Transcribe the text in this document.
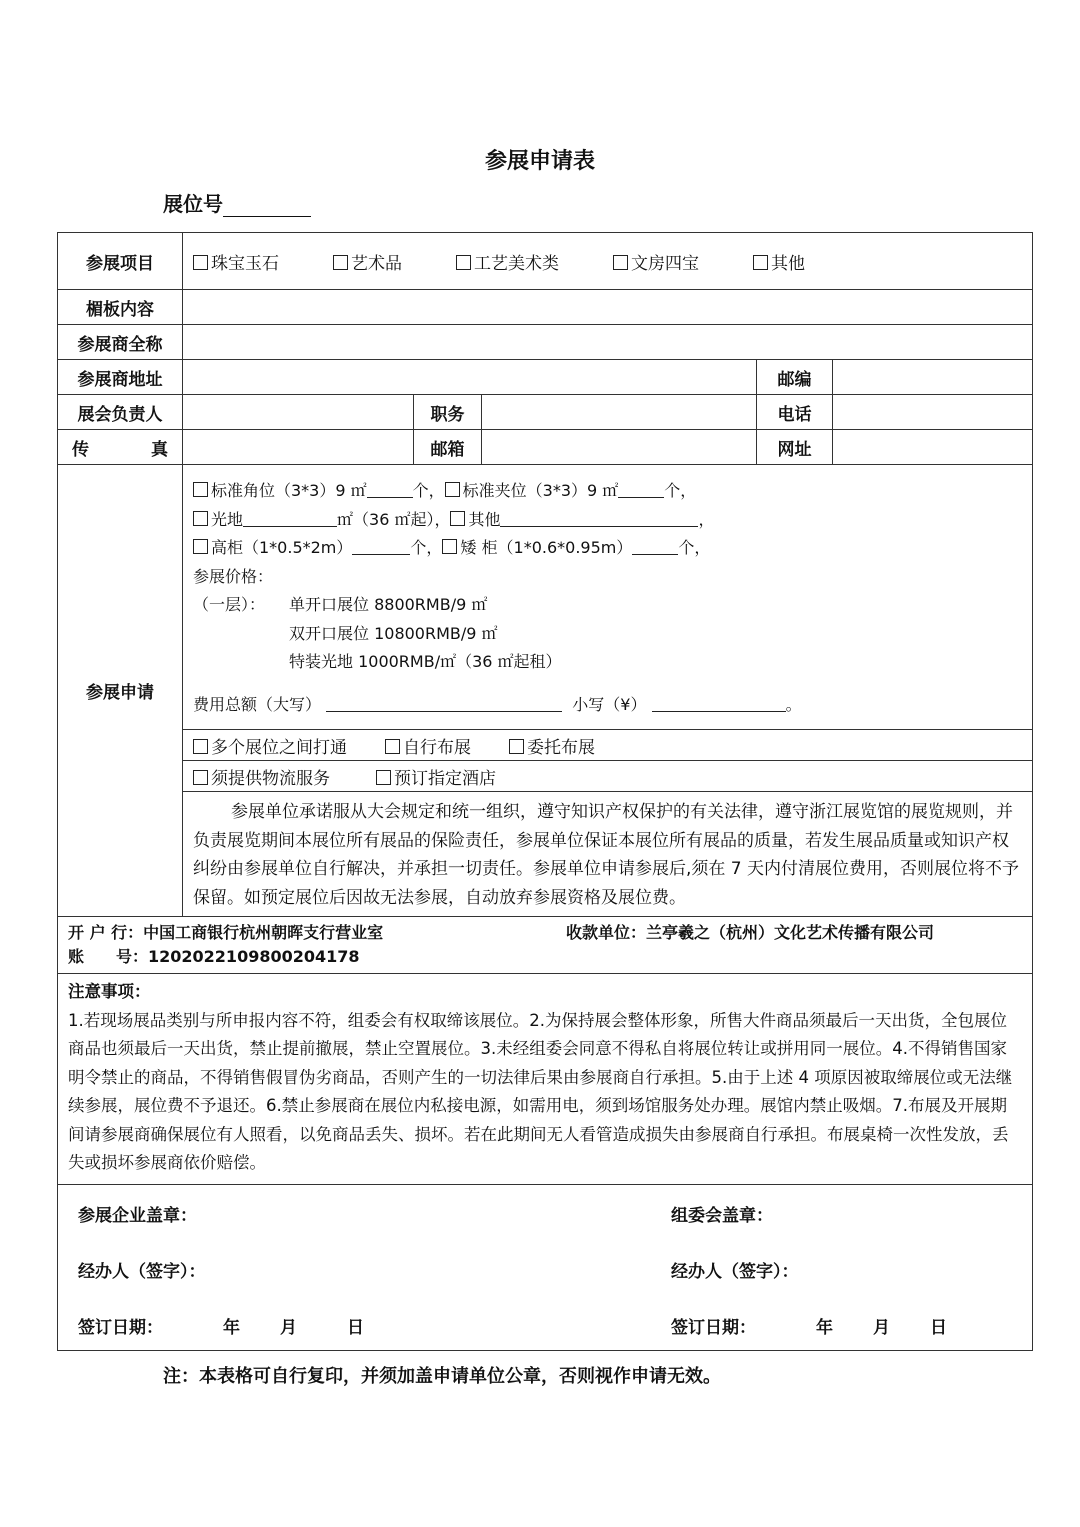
参展申请表
展位号
参展项目	珠宝玉石	艺术品	工艺美术类	文房四宝	其他
楣板内容
参展商全称
参展商地址	邮编
展会负责人	职务	电话
传	真	邮箱	网址
参展申请
标准角位（3*3）9 ㎡	个， 标准夹位（3*3）9 ㎡	个，
光地	㎡（36 ㎡起）， 其他	，
高柜（1*0.5*2m）	个， 矮 柜（1*0.6*0.95m）	个，
参展价格：
（一层）： 单开口展位 8800RMB/9 ㎡
双开口展位 10800RMB/9 ㎡
特装光地 1000RMB/㎡（36 ㎡起租）
费用总额（大写）	小写（¥）	。
多个展位之间打通	自行布展	委托布展
须提供物流服务	预订指定酒店
参展单位承诺服从大会规定和统一组织，遵守知识产权保护的有关法律，遵守浙江展览馆的展览规则，并负责展览期间本展位所有展品的保险责任，参展单位保证本展位所有展品的质量，若发生展品质量或知识产权纠纷由参展单位自行解决，并承担一切责任。参展单位申请参展后,须在 7 天内付清展位费用，否则展位将不予保留。如预定展位后因故无法参展，自动放弃参展资格及展位费。
开 户 行：中国工商银行杭州朝晖支行营业室	收款单位：兰亭羲之（杭州）文化艺术传播有限公司
账　　号：1202022109800204178
注意事项：
1.若现场展品类别与所申报内容不符，组委会有权取缔该展位。2.为保持展会整体形象，所售大件商品须最后一天出货，全包展位商品也须最后一天出货，禁止提前撤展，禁止空置展位。3.未经组委会同意不得私自将展位转让或拼用同一展位。4.不得销售国家明令禁止的商品，不得销售假冒伪劣商品，否则产生的一切法律后果由参展商自行承担。5.由于上述 4 项原因被取缔展位或无法继续参展，展位费不予退还。6.禁止参展商在展位内私接电源，如需用电，须到场馆服务处办理。展馆内禁止吸烟。7.布展及开展期间请参展商确保展位有人照看，以免商品丢失、损坏。若在此期间无人看管造成损失由参展商自行承担。布展桌椅一次性发放，丢失或损坏参展商依价赔偿。
参展企业盖章：	组委会盖章：
经办人（签字）：	经办人（签字）：
签订日期：	年 月	日	签订日期：	年 月 日
注：本表格可自行复印，并须加盖申请单位公章，否则视作申请无效。
